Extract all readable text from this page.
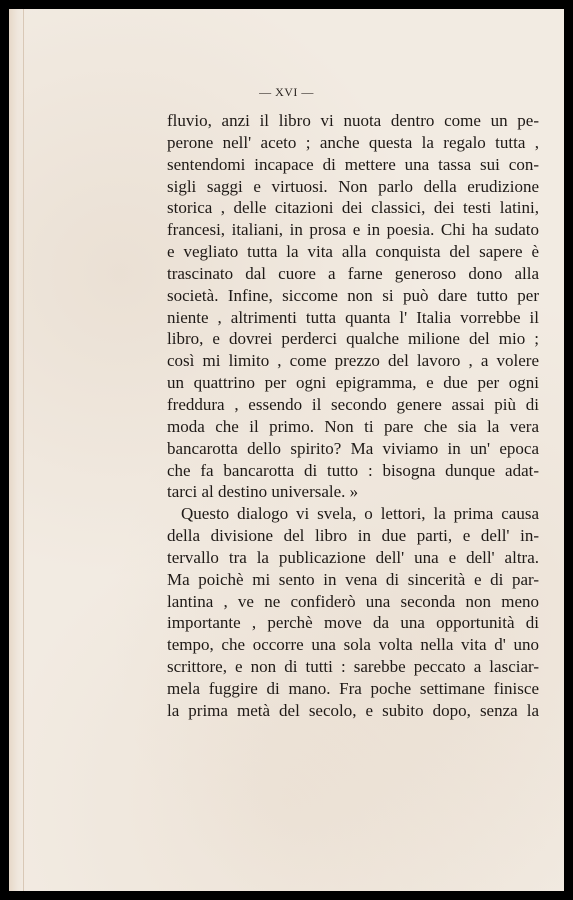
— XVI —
fluvio, anzi il libro vi nuota dentro come un pe-
perone nell' aceto ; anche questa la regalo tutta ,
sentendomi incapace di mettere una tassa sui con-
sigli saggi e virtuosi. Non parlo della erudizione
storica , delle citazioni dei classici, dei testi latini,
francesi, italiani, in prosa e in poesia. Chi ha sudato
e vegliato tutta la vita alla conquista del sapere è
trascinato dal cuore a farne generoso dono alla
società. Infine, siccome non si può dare tutto per
niente , altrimenti tutta quanta l' Italia vorrebbe il
libro, e dovrei perderci qualche milione del mio ;
così mi limito , come prezzo del lavoro , a volere
un quattrino per ogni epigramma, e due per ogni
freddura , essendo il secondo genere assai più di
moda che il primo. Non ti pare che sia la vera
bancarotta dello spirito? Ma viviamo in un' epoca
che fa bancarotta di tutto : bisogna dunque adat-
tarci al destino universale. »
Questo dialogo vi svela, o lettori, la prima causa
della divisione del libro in due parti, e dell' in-
tervallo tra la publicazione dell' una e dell' altra.
Ma poichè mi sento in vena di sincerità e di par-
lantina , ve ne confiderò una seconda non meno
importante , perchè move da una opportunità di
tempo, che occorre una sola volta nella vita d' uno
scrittore, e non di tutti : sarebbe peccato a lasciar-
mela fuggire di mano. Fra poche settimane finisce
la prima metà del secolo, e subito dopo, senza la
